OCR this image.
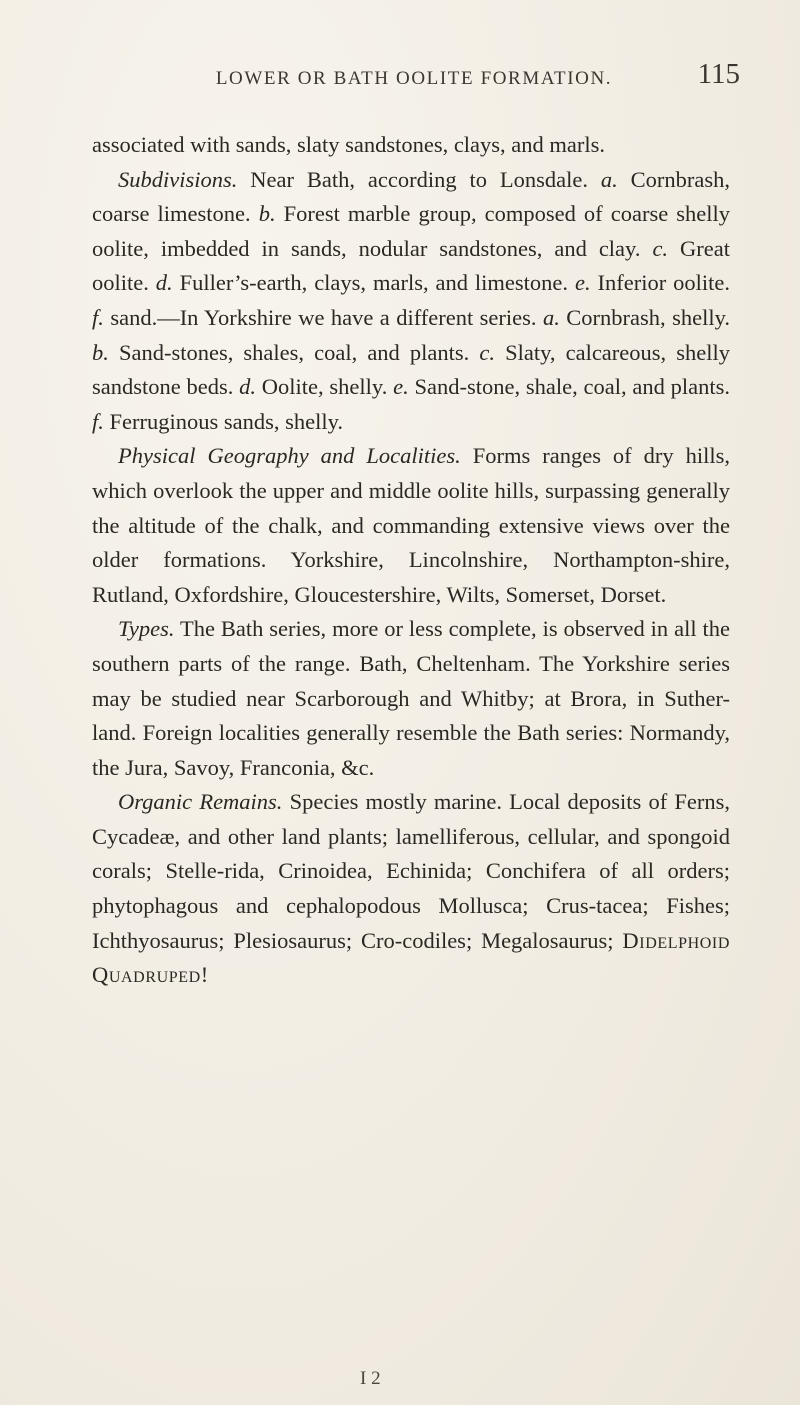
LOWER OR BATH OOLITE FORMATION.	115

associated with sands, slaty sandstones, clays, and marls.

Subdivisions. Near Bath, according to Lonsdale. a. Cornbrash, coarse limestone. b. Forest marble group, composed of coarse shelly oolite, imbedded in sands, nodular sandstones, and clay. c. Great oolite. d. Fuller’s-earth, clays, marls, and limestone. e. Inferior oolite. f. sand.—In Yorkshire we have a different series. a. Cornbrash, shelly. b. Sand-stones, shales, coal, and plants. c. Slaty, calcareous, shelly sandstone beds. d. Oolite, shelly. e. Sand-stone, shale, coal, and plants. f. Ferruginous sands, shelly.

Physical Geography and Localities. Forms ranges of dry hills, which overlook the upper and middle oolite hills, surpassing generally the altitude of the chalk, and commanding extensive views over the older formations. Yorkshire, Lincolnshire, Northampton-shire, Rutland, Oxfordshire, Gloucestershire, Wilts, Somerset, Dorset.

Types. The Bath series, more or less complete, is observed in all the southern parts of the range. Bath, Cheltenham. The Yorkshire series may be studied near Scarborough and Whitby; at Brora, in Suther-land. Foreign localities generally resemble the Bath series: Normandy, the Jura, Savoy, Franconia, &c.

Organic Remains. Species mostly marine. Local deposits of Ferns, Cycadeæ, and other land plants; lamelliferous, cellular, and spongoid corals; Stelle-rida, Crinoidea, Echinida; Conchifera of all orders; phytophagous and cephalopodous Mollusca; Crus-tacea; Fishes; Ichthyosaurus; Plesiosaurus; Cro-codiles; Megalosaurus; Didelphoid Quadruped!

I 2
